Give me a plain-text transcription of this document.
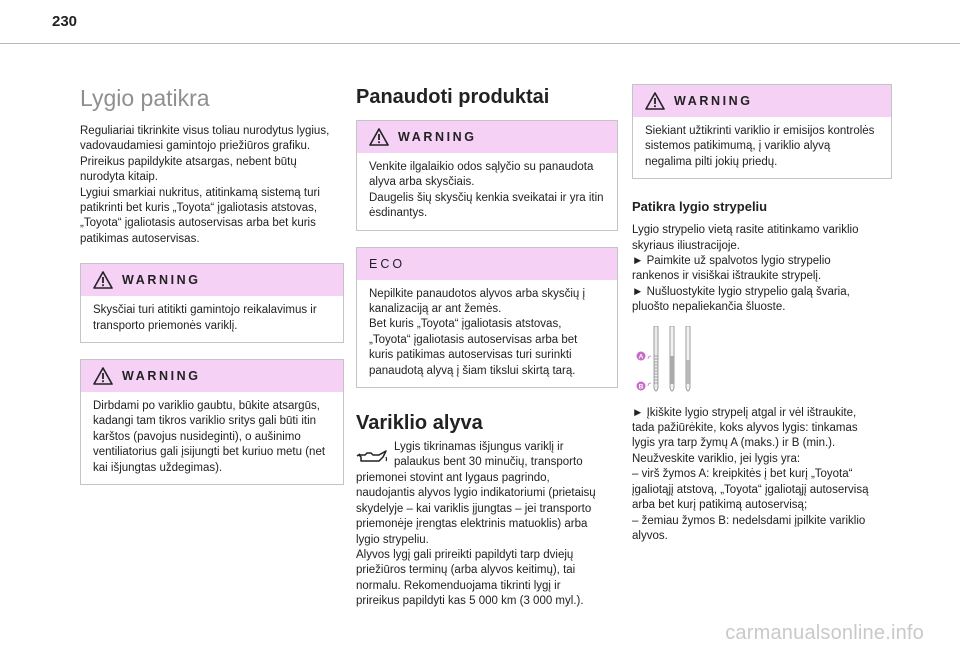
230
Lygio patikra

Reguliariai tikrinkite visus toliau nurodytus lygius,
vadovaudamiesi gamintojo priežiūros grafiku.
Prireikus papildykite atsargas, nebent būtų
nurodyta kitaip.
Lygiui smarkiai nukritus, atitinkamą sistemą turi
patikrinti bet kuris „Toyota“ įgaliotasis atstovas,
„Toyota“ įgaliotasis autoservisas arba bet kuris
patikimas autoservisas.

WARNING

Skysčiai turi atitikti gamintojo reikalavimus ir
transporto priemonės variklį.

WARNING

Dirbdami po variklio gaubtu, būkite atsargūs,
kadangi tam tikros variklio sritys gali būti itin
karštos (pavojus nusideginti), o aušinimo
ventiliatorius gali įsijungti bet kuriuo metu (net
kai išjungtas uždegimas).

Panaudoti produktai
WARNING

Venkite ilgalaikio odos sąlyčio su panaudota
alyva arba skysčiais.
Daugelis šių skysčių kenkia sveikatai ir yra itin
ėsdinantys.

ECO

Nepilkite panaudotos alyvos arba skysčių į
kanalizaciją ar ant žemės.
Bet kuris „Toyota“ įgaliotasis atstovas,
„Toyota“ įgaliotasis autoservisas arba bet
kuris patikimas autoservisas turi surinkti
panaudotą alyvą į šiam tikslui skirtą tarą.

Variklio alyva

Lygis tikrinamas išjungus variklį ir
palaukus bent 30 minučių, transporto

priemonei stovint ant lygaus pagrindo,
naudojantis alyvos lygio indikatoriumi (prietaisų
skydelyje – kai variklis įjungtas – jei transporto
priemonėje įrengtas elektrinis matuoklis) arba
lygio strypeliu.
Alyvos lygį gali prireikti papildyti tarp dviejų
priežiūros terminų (arba alyvos keitimų), tai
normalu. Rekomenduojama tikrinti lygį ir
prireikus papildyti kas 5 000 km (3 000 myl.).

WARNING

Siekiant užtikrinti variklio ir emisijos kontrolės
sistemos patikimumą, į variklio alyvą
negalima pilti jokių priedų.

Patikra lygio strypeliu

Lygio strypelio vietą rasite atitinkamo variklio
skyriaus iliustracijoje.
► Paimkite už spalvotos lygio strypelio
rankenos ir visiškai ištraukite strypelį.
► Nušluostykite lygio strypelio galą švaria,
pluošto nepaliekančia šluoste.

A
B

► Įkiškite lygio strypelį atgal ir vėl ištraukite,
tada pažiūrėkite, koks alyvos lygis: tinkamas
lygis yra tarp žymų A (maks.) ir B (min.).
Neužveskite variklio, jei lygis yra:
– virš žymos A: kreipkitės į bet kurį „Toyota“
įgaliotąjį atstovą, „Toyota“ įgaliotąjį autoservisą
arba bet kurį patikimą autoservisą;
– žemiau žymos B: nedelsdami įpilkite variklio
alyvos.

carmanualsonline.info
